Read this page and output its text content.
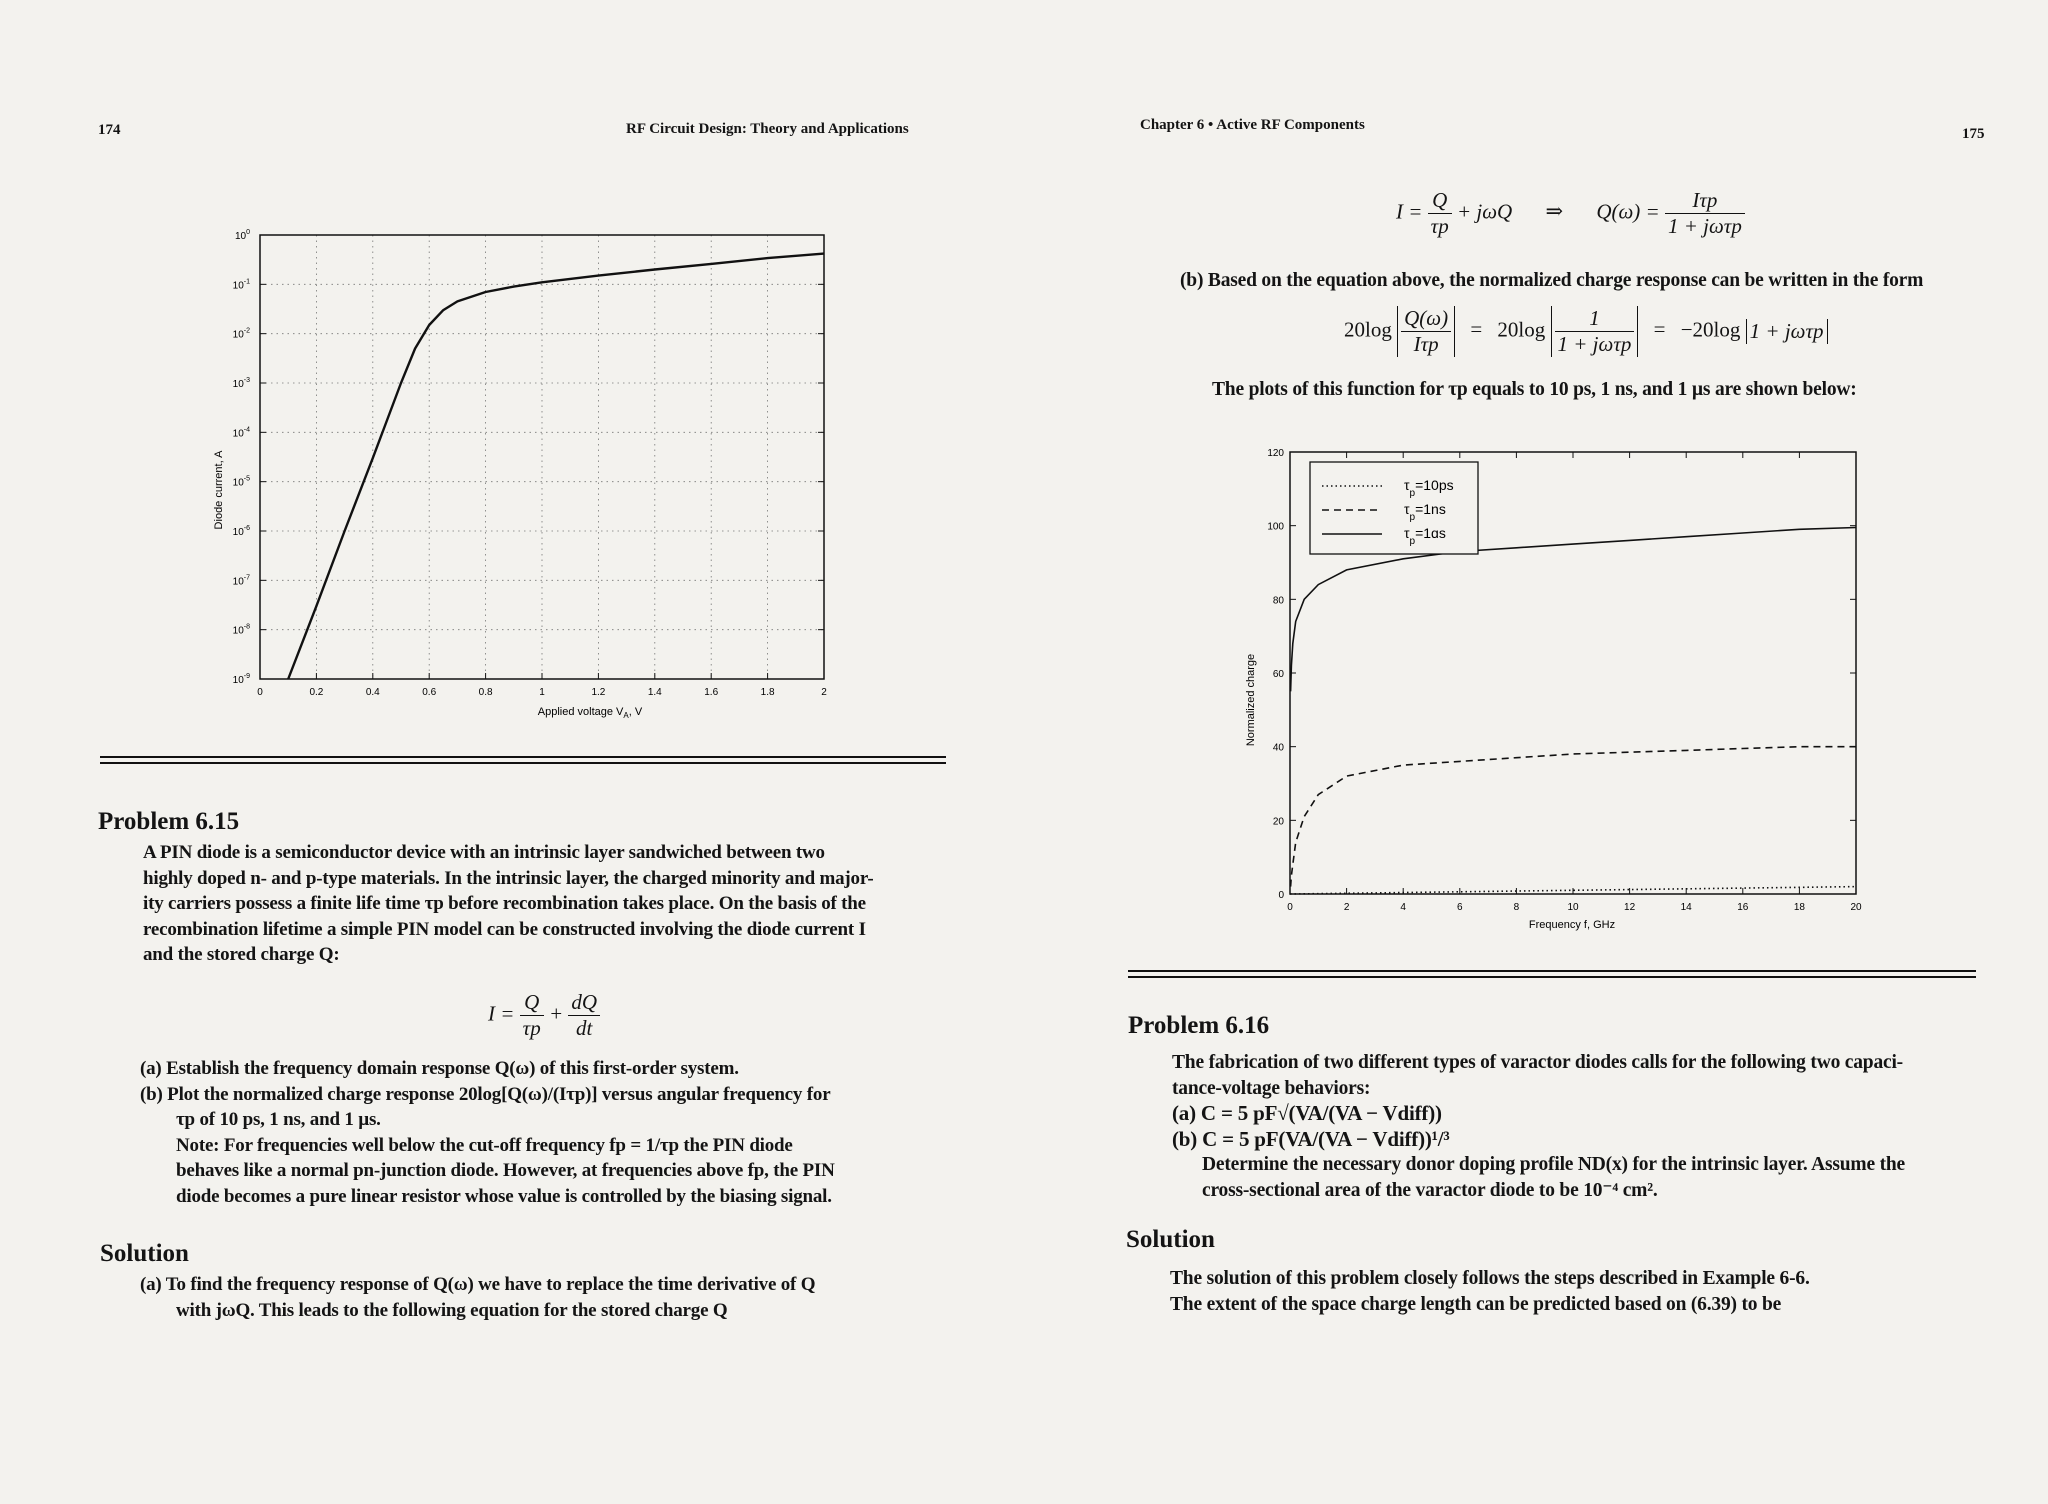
174	RF Circuit Design: Theory and Applications
Diode current, A
Applied voltage $V_A$, V
0	0.2	0.4	0.6	0.8	1	1.2	1.4	1.6	1.8	2
$10^0$
$10^{-1}$
$10^{-2}$
$10^{-3}$
$10^{-4}$
$10^{-5}$
$10^{-6}$
$10^{-7}$
$10^{-8}$
$10^{-9}$
Problem 6.15
A PIN diode is a semiconductor device with an intrinsic layer sandwiched between two
highly doped n- and p-type materials. In the intrinsic layer, the charged minority and major-
ity carriers possess a finite life time τp before recombination takes place. On the basis of the
recombination lifetime a simple PIN model can be constructed involving the diode current I
and the stored charge Q:
$I = \frac{Q}{\tau p} + \frac{dQ}{dt}$
(a) Establish the frequency domain response Q(ω) of this first-order system.
(b) Plot the normalized charge response 20log[Q(ω)/(Iτp)] versus angular frequency for
τp of 10 ps, 1 ns, and 1 µs.
Note: For frequencies well below the cut-off frequency fp = 1/τp the PIN diode
behaves like a normal pn-junction diode. However, at frequencies above fp, the PIN
diode becomes a pure linear resistor whose value is controlled by the biasing signal.
Solution
(a) To find the frequency response of Q(ω) we have to replace the time derivative of Q
with jωQ. This leads to the following equation for the stored charge Q
Chapter 6 • Active RF Components
175
$I = \frac{Q}{\tau p} + j\omega Q$ ⇒ $Q(\omega) = \frac{\text{Iτp}}{\text{1 + jωτp}}$
(b) Based on the equation above, the normalized charge response can be written in the form
$20\log \frac{Q(\omega)}{\text{Iτp}} = 20\log \frac{1}{\text{1 + jωτp}} = -20\log$ 1 + jωτp
The plots of this function for τp equals to 10 ps, 1 ns, and 1 µs are shown below:
Normalized charge
Frequency f, GHz
0	2	4	6	8	10	12	14	16	18	20
0
20
40
60
80
100
120
$\tau_p=10ps$
$\tau_p=1ns$
$\tau_p=1ɑs$
Problem 6.16
The fabrication of two different types of varactor diodes calls for the following two capaci-
tance-voltage behaviors:
(a) C = 5 pF√(VA/(VA − Vdiff))
(b) C = 5 pF(VA/(VA − Vdiff))¹/³
Determine the necessary donor doping profile ND(x) for the intrinsic layer. Assume the
cross-sectional area of the varactor diode to be 10⁻⁴ cm².
Solution
The solution of this problem closely follows the steps described in Example 6-6.
The extent of the space charge length can be predicted based on (6.39) to be
